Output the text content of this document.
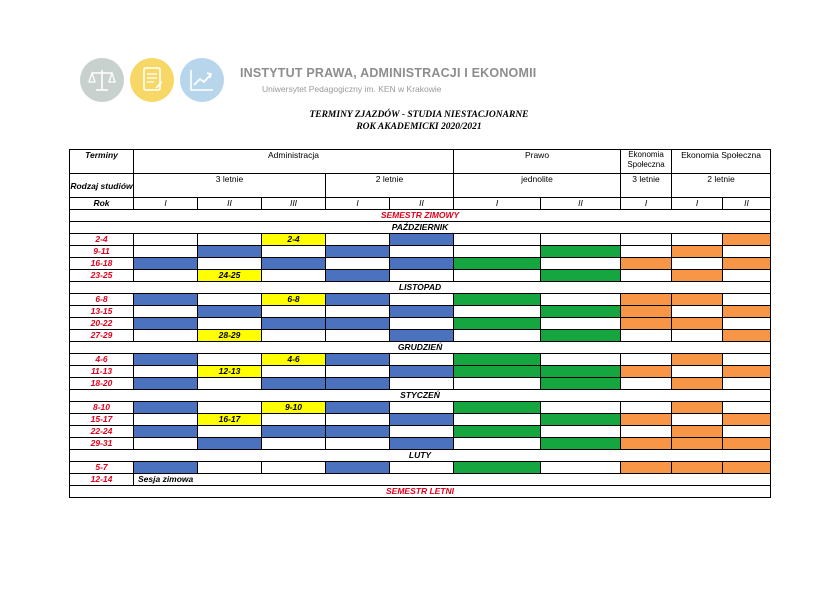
INSTYTUT PRAWA, ADMINISTRACJI I EKONOMII
Uniwersytet Pedagogiczny im. KEN w Krakowie
TERMINY ZJAZDÓW - STUDIA NIESTACJONARNE
ROK AKADEMICKI 2020/2021
Terminy	Administracja					Prawo		Ekonomia Społeczna	Ekonomia Społeczna	
Rodzaj studiów	3 letnie			2 letnie		jednolite		3 letnie	2 letnie	
Rok	I	II	III	I	II	I	II	I	I	II
SEMESTR ZIMOWY										
PAŹDZIERNIK										
2-4			2-4							
9-11										
16-18										
23-25		24-25								
LISTOPAD										
6-8			6-8							
13-15										
20-22										
27-29		28-29								
GRUDZIEŃ										
4-6			4-6							
11-13		12-13								
18-20										
STYCZEŃ										
8-10			9-10							
15-17		16-17								
22-24										
29-31										
LUTY										
5-7										
12-14	Sesja zimowa									
SEMESTR LETNI										
